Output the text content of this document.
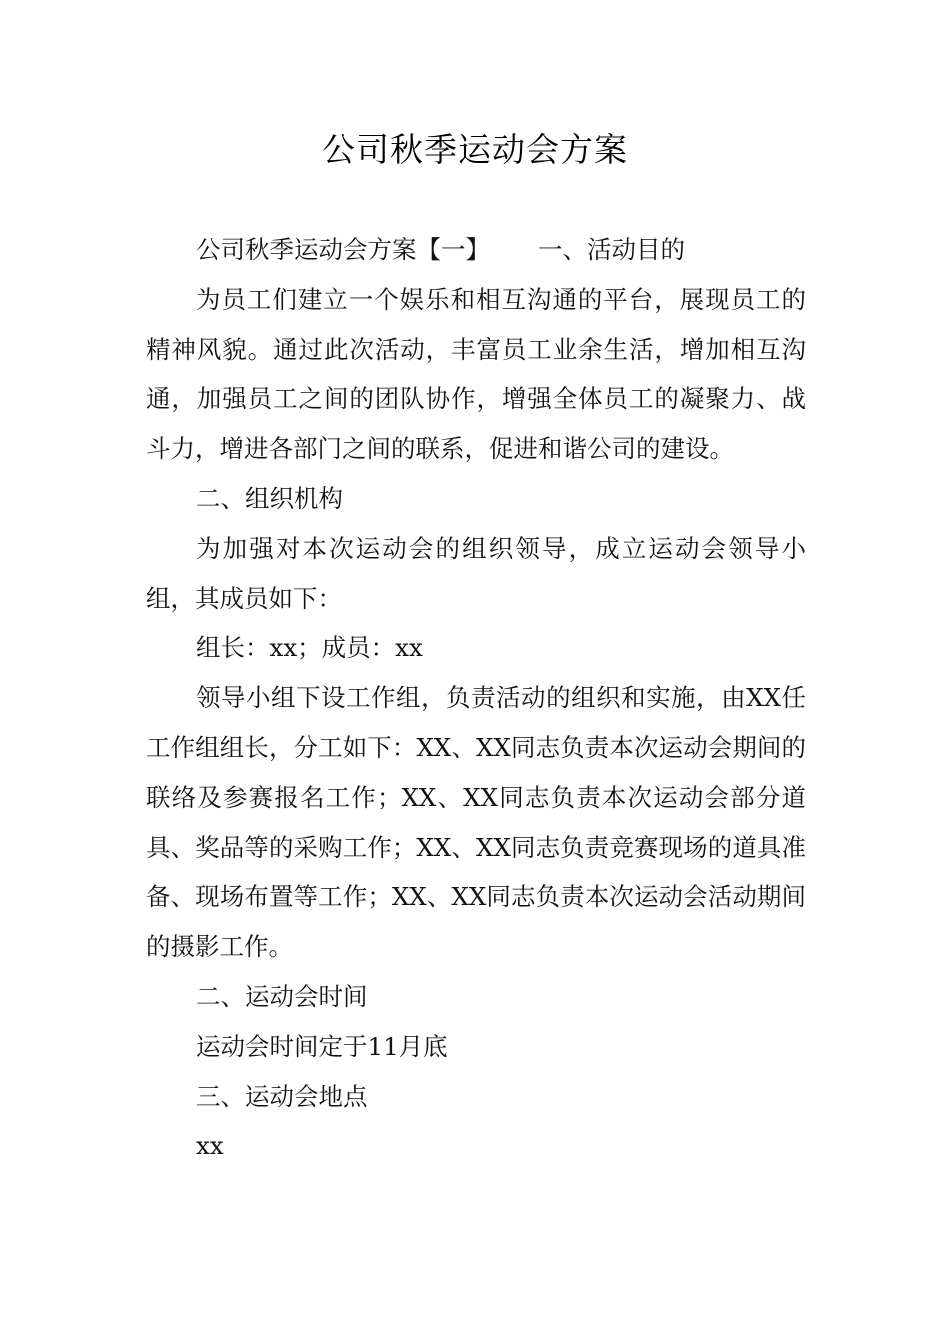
公司秋季运动会方案

公司秋季运动会方案【一】 一、活动目的

为员工们建立一个娱乐和相互沟通的平台，展现员工的精神风貌。通过此次活动，丰富员工业余生活，增加相互沟通，加强员工之间的团队协作，增强全体员工的凝聚力、战斗力，增进各部门之间的联系，促进和谐公司的建设。

二、组织机构

为加强对本次运动会的组织领导，成立运动会领导小组，其成员如下：

组长：xx；成员：xx

领导小组下设工作组，负责活动的组织和实施，由XX任工作组组长，分工如下：XX、XX同志负责本次运动会期间的联络及参赛报名工作；XX、XX同志负责本次运动会部分道具、奖品等的采购工作；XX、XX同志负责竞赛现场的道具准备、现场布置等工作；XX、XX同志负责本次运动会活动期间的摄影工作。

二、运动会时间

运动会时间定于11月底

三、运动会地点

xx
